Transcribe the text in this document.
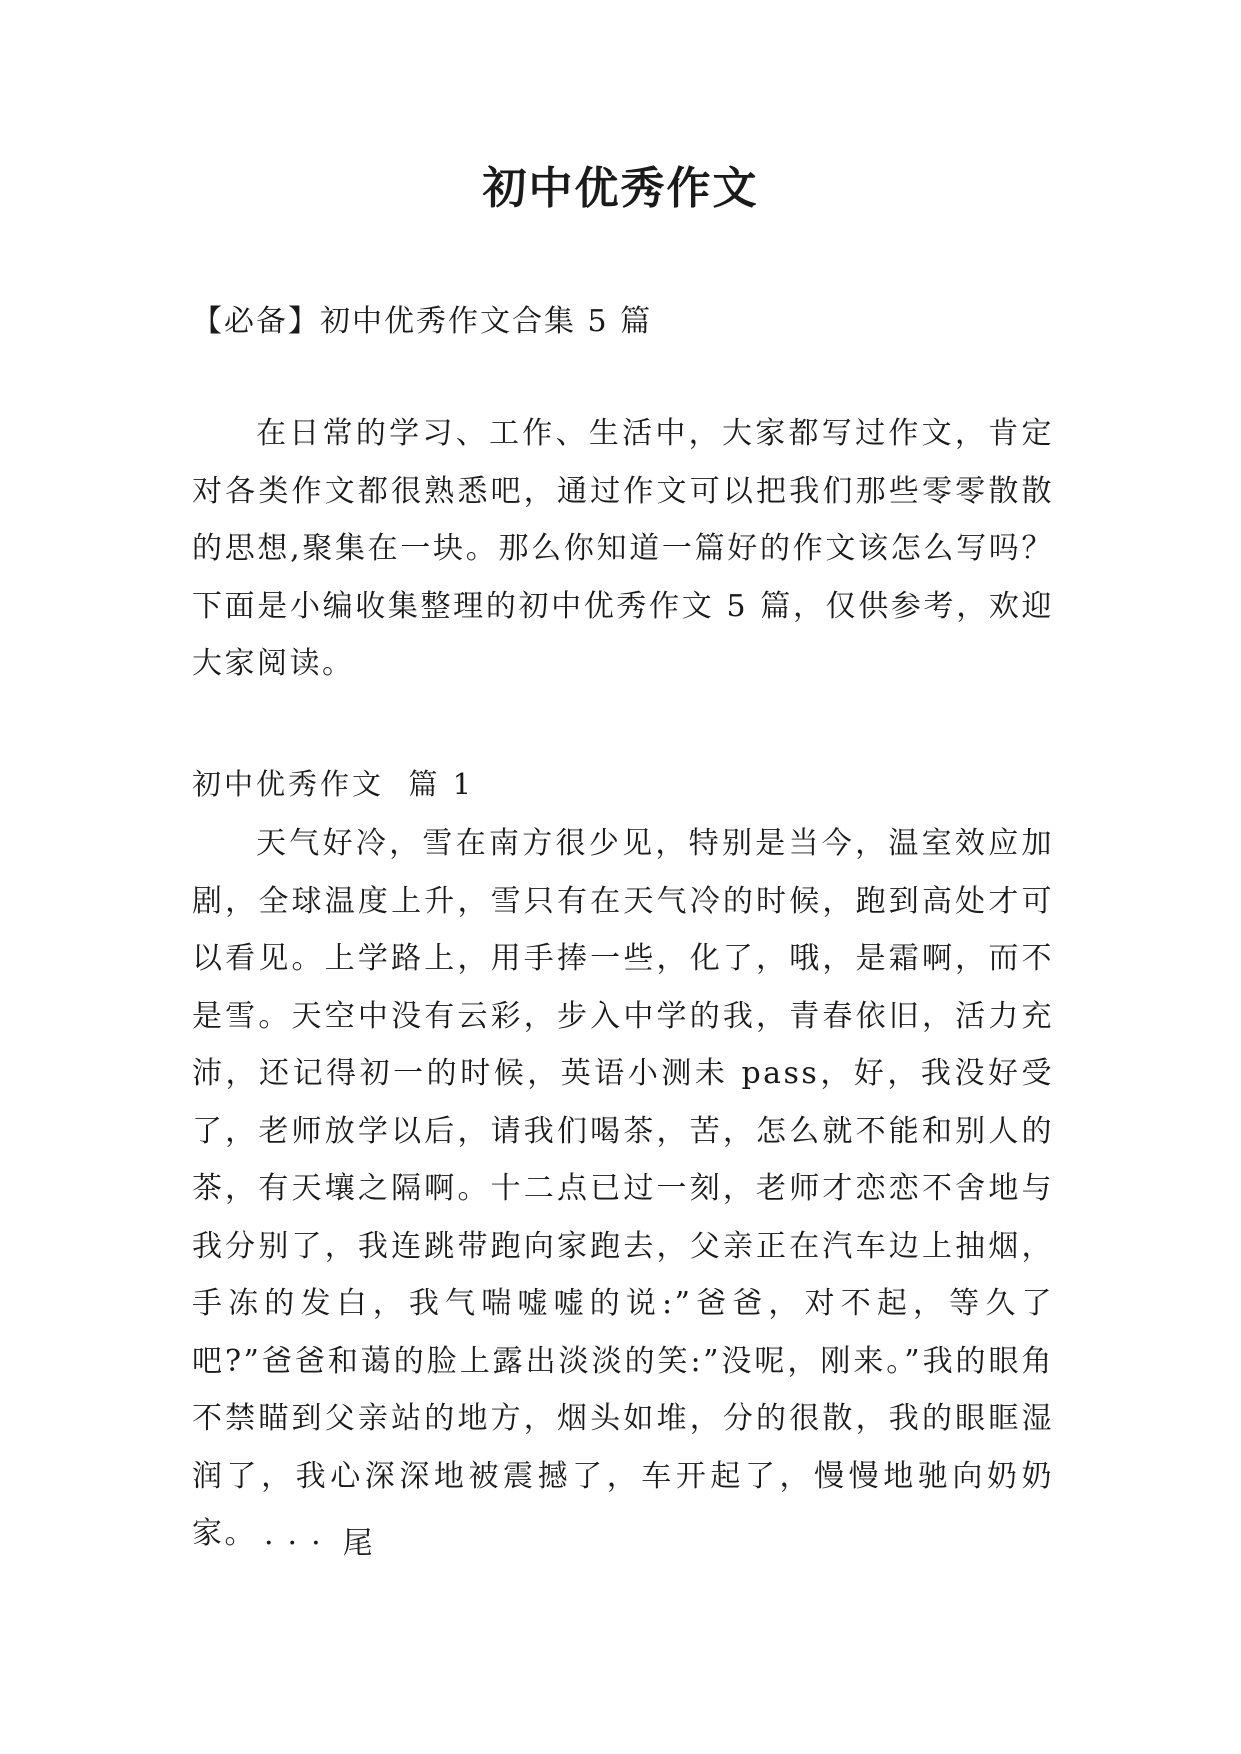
初中优秀作文

【必备】初中优秀作文合集 5 篇

在日常的学习、工作、生活中，大家都写过作文，肯定对各类作文都很熟悉吧，通过作文可以把我们那些零零散散的思想,聚集在一块。那么你知道一篇好的作文该怎么写吗？下面是小编收集整理的初中优秀作文 5 篇，仅供参考，欢迎大家阅读。

初中优秀作文  篇 1

天气好冷，雪在南方很少见，特别是当今，温室效应加剧，全球温度上升，雪只有在天气冷的时候，跑到高处才可以看见。上学路上，用手捧一些，化了，哦，是霜啊，而不是雪。天空中没有云彩，步入中学的我，青春依旧，活力充沛，还记得初一的时候，英语小测未 pass，好，我没好受了，老师放学以后，请我们喝茶，苦，怎么就不能和别人的茶，有天壤之隔啊。十二点已过一刻，老师才恋恋不舍地与我分别了，我连跳带跑向家跑去，父亲正在汽车边上抽烟，手冻的发白，我气喘嘘嘘的说:”爸爸，对不起，等久了吧?”爸爸和蔼的脸上露出淡淡的笑:”没呢，刚来。”我的眼角不禁瞄到父亲站的地方，烟头如堆，分的很散，我的眼眶湿润了，我心深深地被震撼了，车开起了，慢慢地驰向奶奶家。 ··· 尾
